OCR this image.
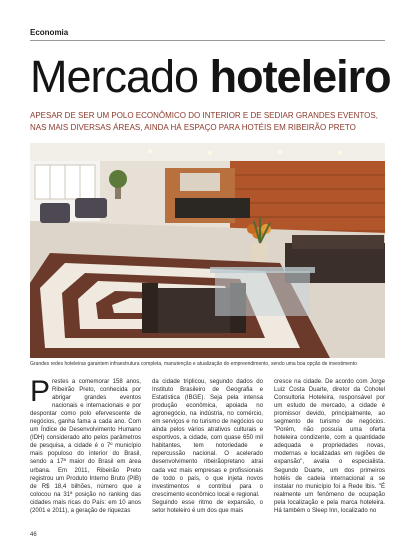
Economia
Mercado hoteleiro
APESAR DE SER UM POLO ECONÔMICO DO INTERIOR E DE SEDIAR GRANDES EVENTOS, NAS MAIS DIVERSAS ÁREAS, AINDA HÁ ESPAÇO PARA HOTÉIS EM RIBEIRÃO PRETO
Grandes redes hoteleiras garantem infraestrutura completa, manutenção e atualização do empreendimento, sendo uma boa opção de investimento
Prestes a comemorar 158 anos, Ribeirão Preto, conhecida por abrigar grandes eventos nacionais e internacionais e por despontar como polo efervescente de negócios, ganha fama a cada ano. Com um Índice de Desenvolvimento Humano (IDH) considerado alto pelos parâmetros de pesquisa, a cidade é o 7º município mais populoso do interior do Brasil, sendo a 17ª maior do Brasil em área urbana. Em 2011, Ribeirão Preto registrou um Produto Interno Bruto (PIB) de R$ 18,4 bilhões, número que a colocou na 31ª posição no ranking das cidades mais ricas do País: em 10 anos (2001 e 2011), a geração de riquezas
da cidade triplicou, segundo dados do Instituto Brasileiro de Geografia e Estatística (IBGE). Seja pela intensa produção econômica, apoiada no agronegócio, na indústria, no comércio, em serviços e no turismo de negócios ou ainda pelos vários atrativos culturais e esportivos, a cidade, com quase 650 mil habitantes, tem notoriedade e repercussão nacional. O acelerado desenvolvimento ribeirãopretano atrai cada vez mais empresas e profissionais de todo o país, o que injeta novos investimentos e contribui para o crescimento econômico local e regional.
Seguindo esse ritmo de expansão, o setor hoteleiro é um dos que mais
cresce na cidade. De acordo com Jorge Luiz Costa Duarte, diretor da Cohotel Consultoria Hoteleira, responsável por um estudo de mercado, a cidade é promissor devido, principalmente, ao segmento de turismo de negócios. "Porém, não possuía uma oferta hoteleira condizente, com a quantidade adequada e propriedades novas, modernas e localizadas em regiões de expansão", avalia o especialista. Segundo Duarte, um dos primeiros hotéis de cadeia internacional a se instalar no município foi a Rede Ibis. "É realmente um fenômeno de ocupação pela localização e pela marca hoteleira. Há também o Sleep Inn, localizado no
46
